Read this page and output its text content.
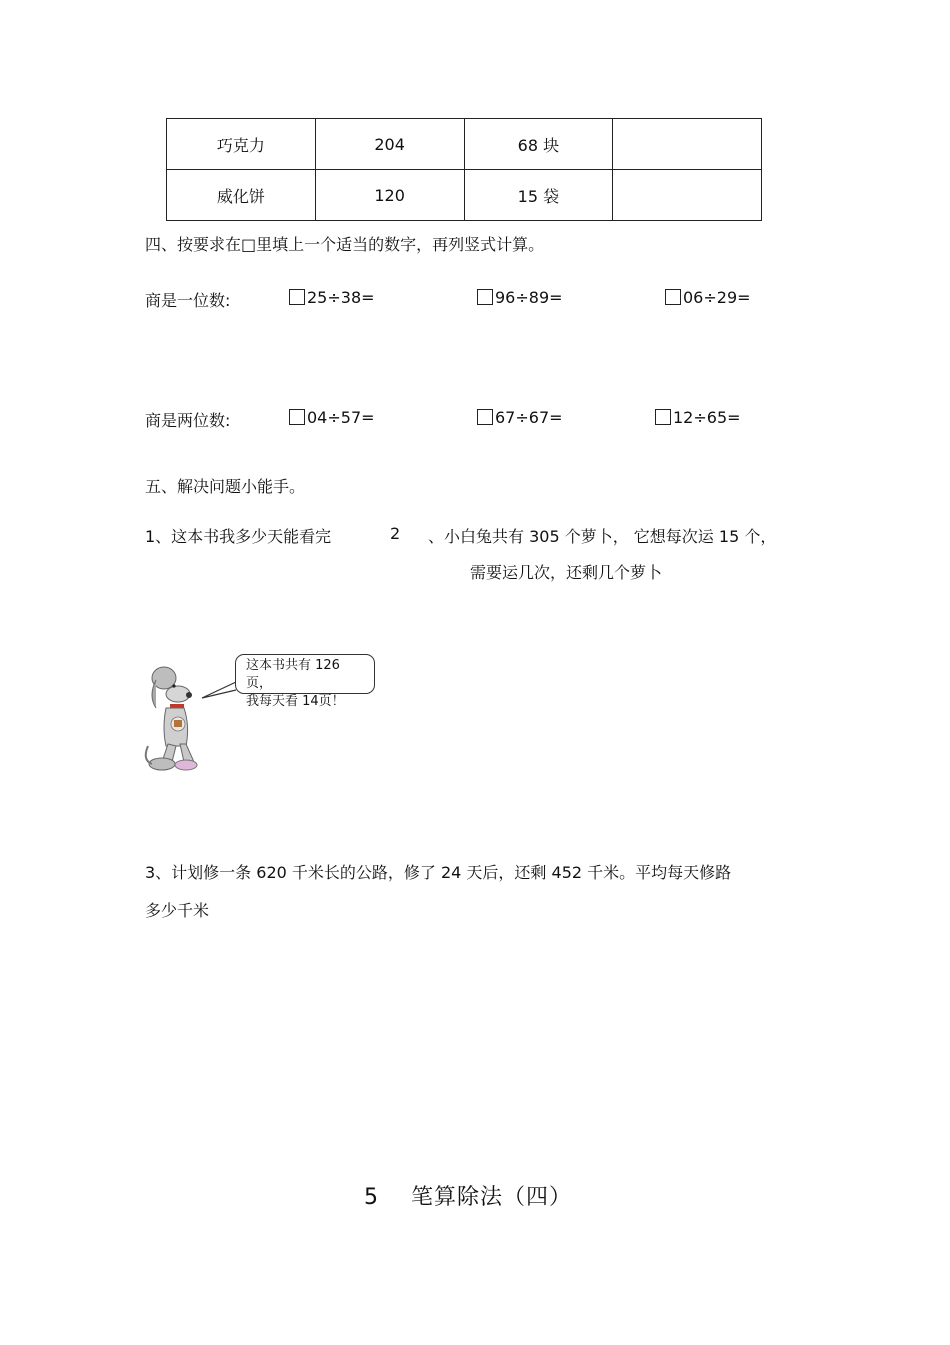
巧克力	204	68 块	
威化饼	120	15 袋	
四、按要求在□里填上一个适当的数字，再列竖式计算。
商是一位数:	25÷38=	96÷89=	06÷29=
商是两位数:	04÷57=	67÷67=	12÷65=
五、解决问题小能手。
1、这本书我多少天能看完	2 、小白兔共有 305 个萝卜， 它想每次运 15 个，
需要运几次，还剩几个萝卜
这本书共有 126页，
我每天看 14页！
3、计划修一条 620 千米长的公路，修了 24 天后，还剩 452 千米。平均每天修路
多少千米
5    笔算除法（四）
